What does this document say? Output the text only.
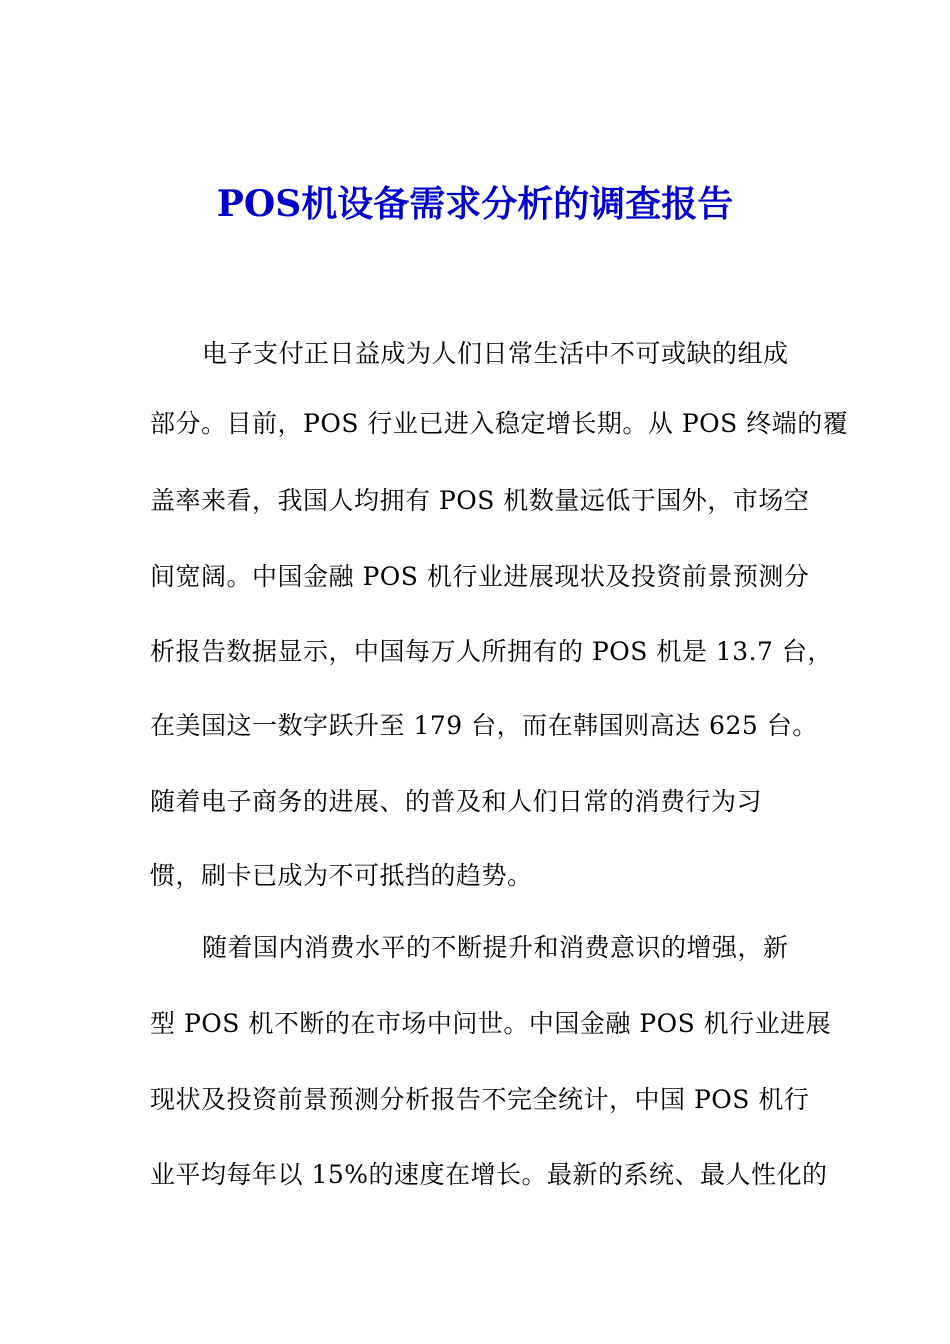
POS机设备需求分析的调查报告
电子支付正日益成为人们日常生活中不可或缺的组成
部分。目前，POS 行业已进入稳定增长期。从 POS 终端的覆
盖率来看，我国人均拥有 POS 机数量远低于国外，市场空
间宽阔。中国金融 POS 机行业进展现状及投资前景预测分
析报告数据显示，中国每万人所拥有的 POS 机是 13.7 台，
在美国这一数字跃升至 179 台，而在韩国则高达 625 台。
随着电子商务的进展、的普及和人们日常的消费行为习
惯，刷卡已成为不可抵挡的趋势。
随着国内消费水平的不断提升和消费意识的增强，新
型 POS 机不断的在市场中问世。中国金融 POS 机行业进展
现状及投资前景预测分析报告不完全统计，中国 POS 机行
业平均每年以 15%的速度在增长。最新的系统、最人性化的
